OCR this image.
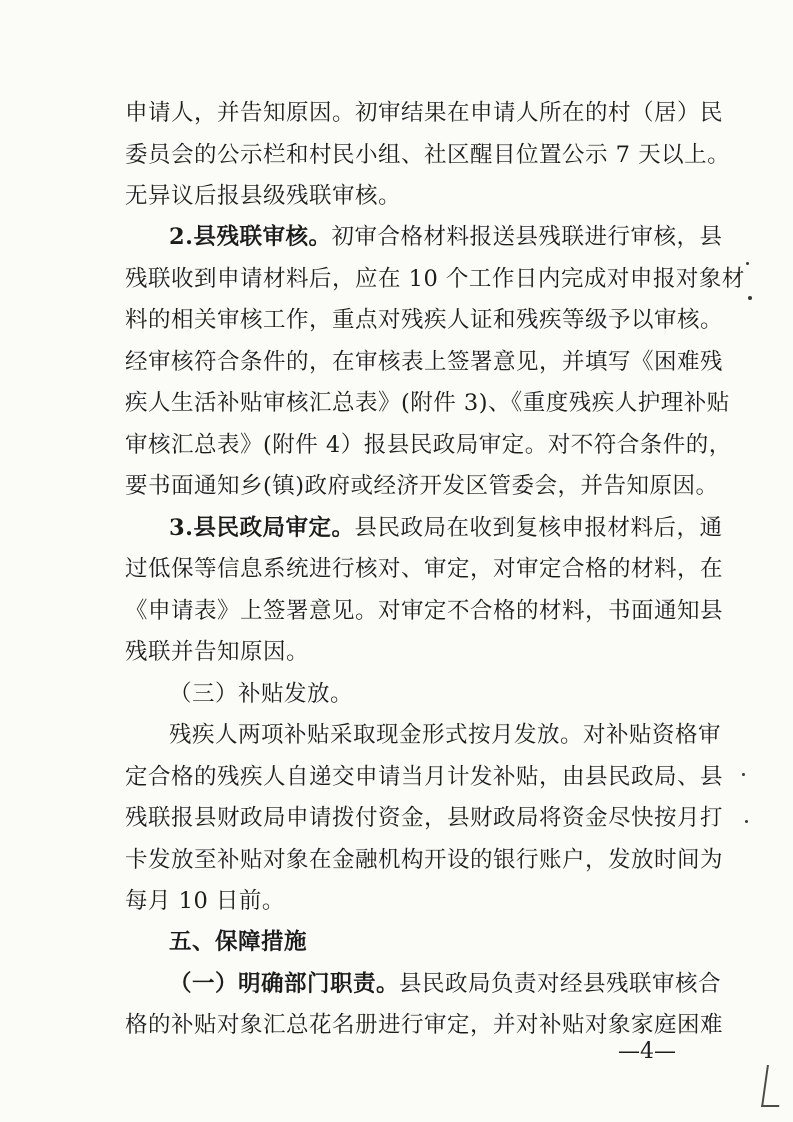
申请人，并告知原因。初审结果在申请人所在的村（居）民
委员会的公示栏和村民小组、社区醒目位置公示 7 天以上。
无异议后报县级残联审核。
2.县残联审核。初审合格材料报送县残联进行审核，县
残联收到申请材料后，应在 10 个工作日内完成对申报对象材
料的相关审核工作，重点对残疾人证和残疾等级予以审核。
经审核符合条件的，在审核表上签署意见，并填写《困难残
疾人生活补贴审核汇总表》(附件 3)、《重度残疾人护理补贴
审核汇总表》(附件 4）报县民政局审定。对不符合条件的，
要书面通知乡(镇)政府或经济开发区管委会，并告知原因。
3.县民政局审定。县民政局在收到复核申报材料后，通
过低保等信息系统进行核对、审定，对审定合格的材料，在
《申请表》上签署意见。对审定不合格的材料，书面通知县
残联并告知原因。
（三）补贴发放。
残疾人两项补贴采取现金形式按月发放。对补贴资格审
定合格的残疾人自递交申请当月计发补贴，由县民政局、县
残联报县财政局申请拨付资金，县财政局将资金尽快按月打
卡发放至补贴对象在金融机构开设的银行账户，发放时间为
每月 10 日前。
五、保障措施
（一）明确部门职责。县民政局负责对经县残联审核合
格的补贴对象汇总花名册进行审定，并对补贴对象家庭困难
—4—
